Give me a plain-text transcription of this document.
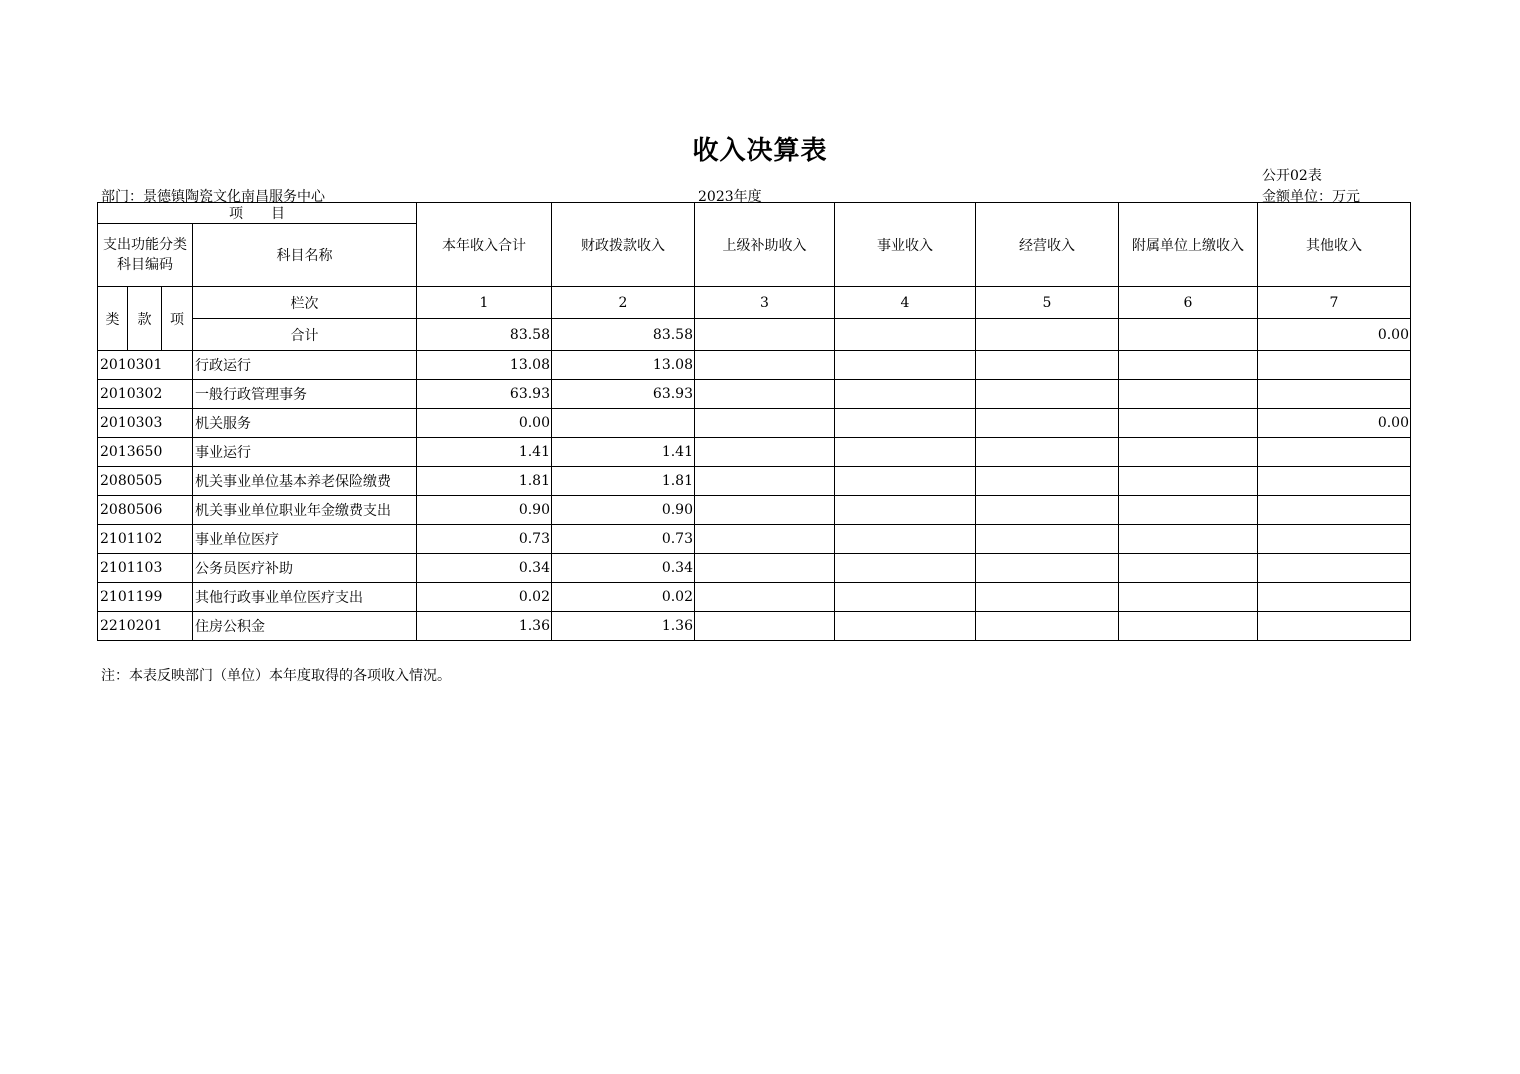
收入决算表
公开02表
部门：景德镇陶瓷文化南昌服务中心	2023年度	金额单位：万元
项　　目				本年收入合计	财政拨款收入	上级补助收入	事业收入	经营收入	附属单位上缴收入	其他收入
支出功能分类科目编码			科目名称							
类	款	项	栏次	1	2	3	4	5	6	7
			合计	83.58	83.58					0.00
2010301			行政运行	13.08	13.08					
2010302			一般行政管理事务	63.93	63.93					
2010303			机关服务	0.00						0.00
2013650			事业运行	1.41	1.41					
2080505			机关事业单位基本养老保险缴费	1.81	1.81					
2080506			机关事业单位职业年金缴费支出	0.90	0.90					
2101102			事业单位医疗	0.73	0.73					
2101103			公务员医疗补助	0.34	0.34					
2101199			其他行政事业单位医疗支出	0.02	0.02					
2210201			住房公积金	1.36	1.36					
注：本表反映部门（单位）本年度取得的各项收入情况。
